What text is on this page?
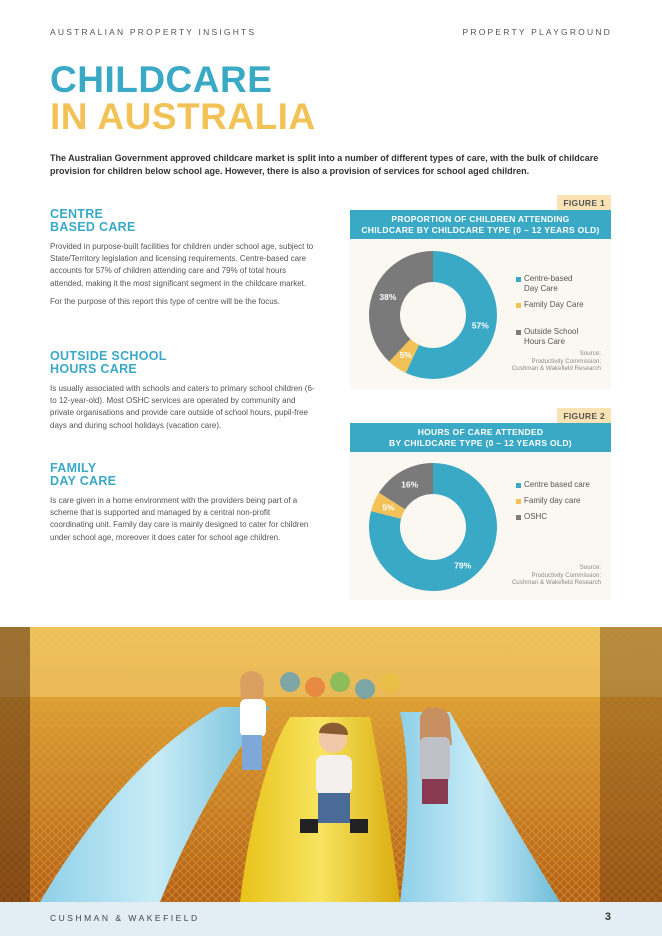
AUSTRALIAN PROPERTY INSIGHTS	PROPERTY PLAYGROUND
CHILDCARE
IN AUSTRALIA
The Australian Government approved childcare market is split into a number of different types of care, with the bulk of childcare provision for children below school age. However, there is also a provision of services for school aged children.
CENTRE
BASED CARE

Provided in purpose-built facilities for children under school age, subject to State/Territory legislation and licensing requirements. Centre-based care accounts for 57% of children attending care and 79% of total hours attended, making it the most significant segment in the childcare market.

For the purpose of this report this type of centre will be the focus.

OUTSIDE SCHOOL
HOURS CARE

Is usually associated with schools and caters to primary school children (6- to 12-year-old). Most OSHC services are operated by community and private organisations and provide care outside of school hours, pupil-free days and during school holidays (vacation care).

FAMILY
DAY CARE

Is care given in a home environment with the providers being part of a scheme that is supported and managed by a central non-profit coordinating unit. Family day care is mainly designed to cater for children under school age, moreover it does cater for school age children.

FIGURE 1
PROPORTION OF CHILDREN ATTENDING
CHILDCARE BY CHILDCARE TYPE (0 – 12 YEARS OLD)
57%
5%
38%
Centre-based
Day Care
Family Day Care
Outside School
Hours Care
Source:
Productivity Commission;
Cushman & Wakefield Research
FIGURE 2
HOURS OF CARE ATTENDED
BY CHILDCARE TYPE (0 – 12 YEARS OLD)
79%
5%
16%	Centre based care
Family day care
OSHC
Source:
Productivity Commission;
Cushman & Wakefield Research
CUSHMAN & WAKEFIELD	3
